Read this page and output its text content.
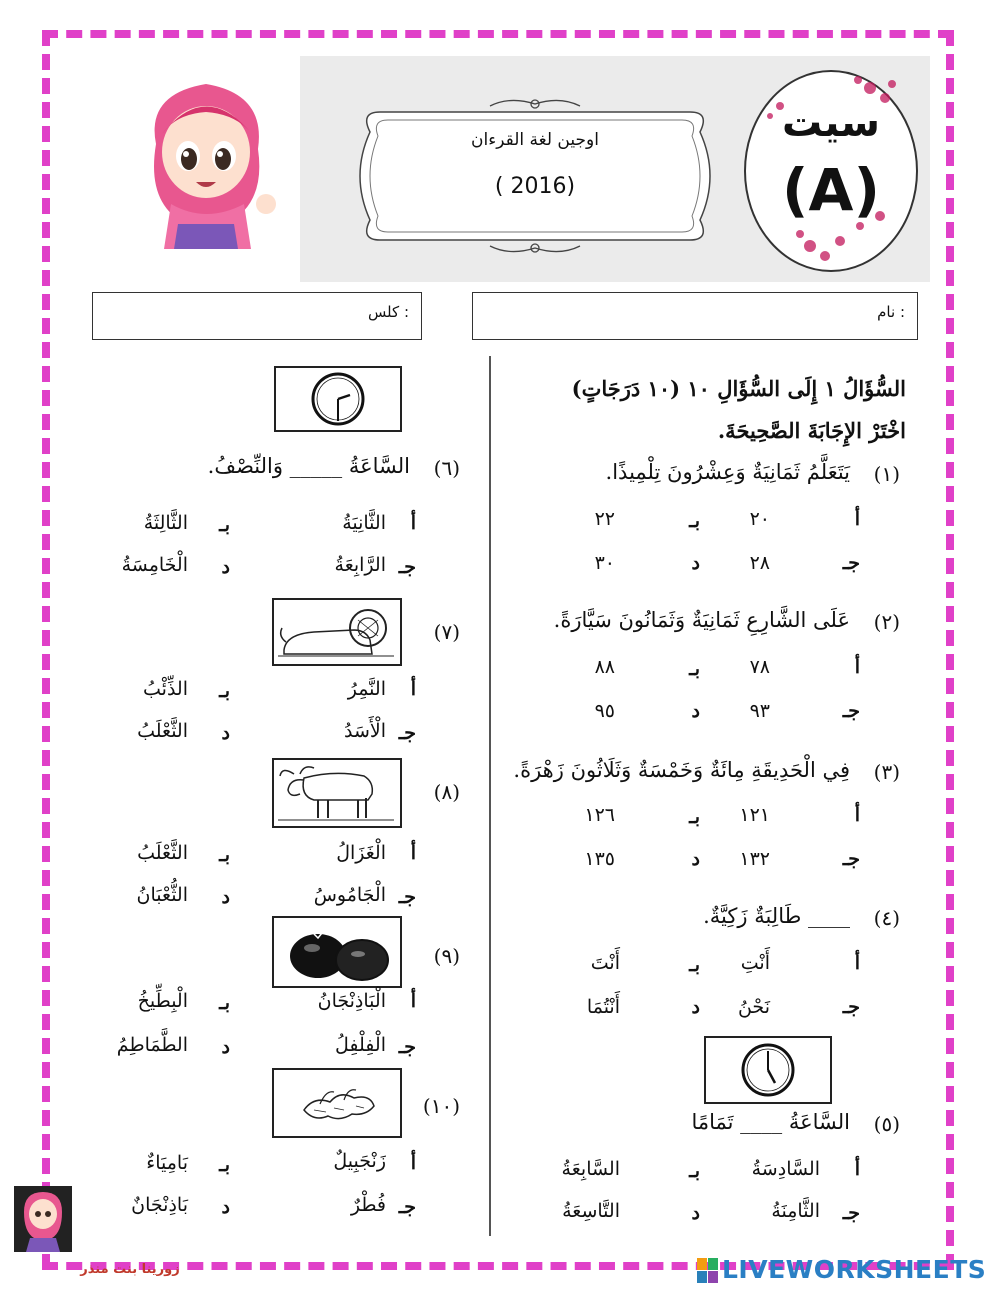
اوجين لغة القرءان
( 2016)
سيت
(A)
نام :
كلس :
السُّؤَالُ ١ إِلَى السُّؤَالِ ١٠ (١٠ دَرَجَاتٍ)
اخْتَرْ الإِجَابَةَ الصَّحِيحَةَ.
(١)
يَتَعَلَّمُ ثَمَانِيَةٌ وَعِشْرُونَ تِلْمِيذًا.
أ
٢٠
بـ
٢٢
جـ
٢٨
د
٣٠
(٢)
عَلَى الشَّارِعِ ثَمَانِيَةٌ وَثَمَانُونَ سَيَّارَةً.
أ
٧٨
بـ
٨٨
جـ
٩٣
د
٩٥
(٣)
فِي الْحَدِيقَةِ مِائَةٌ وَخَمْسَةٌ وَثَلَاثُونَ زَهْرَةً.
أ
١٢١
بـ
١٢٦
جـ
١٣٢
د
١٣٥
(٤)
____ طَالِبَةٌ زَكِيَّةٌ.
أ
أَنْتِ
بـ
أَنْتَ
جـ
نَحْنُ
د
أَنْتُمَا
(٥)
السَّاعَةُ ____ تَمَامًا
أ
السَّادِسَةُ
بـ
السَّابِعَةُ
جـ
الثَّامِنَةُ
د
التَّاسِعَةُ
(٦)
السَّاعَةُ _____ وَالنِّصْفُ.
أ
الثَّانِيَةُ
بـ
الثَّالِثَةُ
جـ
الرَّابِعَةُ
د
الْخَامِسَةُ
(٧)
أ
النَّمِرُ
بـ
الذِّئْبُ
جـ
الْأَسَدُ
د
الثَّعْلَبُ
(٨)
أ
الْغَزَالُ
بـ
الثَّعْلَبُ
جـ
الْجَامُوسُ
د
الثُّعْبَانُ
(٩)
أ
الْبَاذِنْجَانُ
بـ
الْبِطِّيخُ
جـ
الْفِلْفِلُ
د
الطَّمَاطِمُ
(١٠)
أ
زَنْجَبِيلٌ
بـ
بَامِيَاءٌ
جـ
فُطْرٌ
د
بَاذِنْجَانٌ
زورينا بنت منذر	LIVEWORKSHEETS
